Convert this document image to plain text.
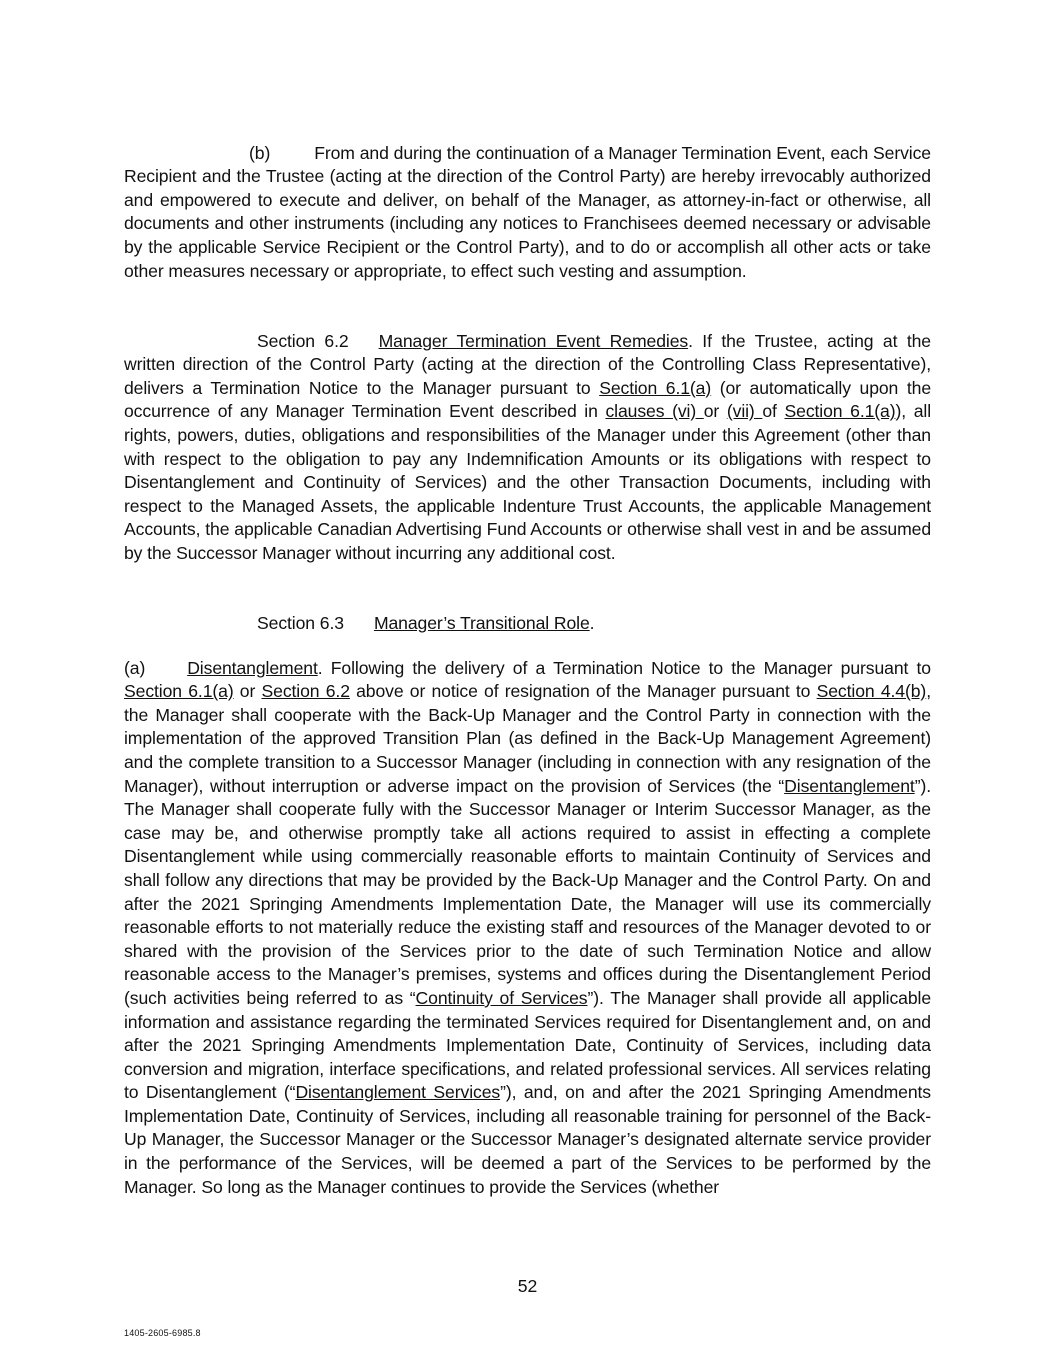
(b)	From and during the continuation of a Manager Termination Event, each Service Recipient and the Trustee (acting at the direction of the Control Party) are hereby irrevocably authorized and empowered to execute and deliver, on behalf of the Manager, as attorney-in-fact or otherwise, all documents and other instruments (including any notices to Franchisees deemed necessary or advisable by the applicable Service Recipient or the Control Party), and to do or accomplish all other acts or take other measures necessary or appropriate, to effect such vesting and assumption.

Section 6.2 Manager Termination Event Remedies. If the Trustee, acting at the written direction of the Control Party (acting at the direction of the Controlling Class Representative), delivers a Termination Notice to the Manager pursuant to Section 6.1(a) (or automatically upon the occurrence of any Manager Termination Event described in clauses (vi) or (vii) of Section 6.1(a)), all rights, powers, duties, obligations and responsibilities of the Manager under this Agreement (other than with respect to the obligation to pay any Indemnification Amounts or its obligations with respect to Disentanglement and Continuity of Services) and the other Transaction Documents, including with respect to the Managed Assets, the applicable Indenture Trust Accounts, the applicable Management Accounts, the applicable Canadian Advertising Fund Accounts or otherwise shall vest in and be assumed by the Successor Manager without incurring any additional cost.

Section 6.3 Manager’s Transitional Role.

(a) Disentanglement. Following the delivery of a Termination Notice to the Manager pursuant to Section 6.1(a) or Section 6.2 above or notice of resignation of the Manager pursuant to Section 4.4(b), the Manager shall cooperate with the Back-Up Manager and the Control Party in connection with the implementation of the approved Transition Plan (as defined in the Back-Up Management Agreement) and the complete transition to a Successor Manager (including in connection with any resignation of the Manager), without interruption or adverse impact on the provision of Services (the “Disentanglement”). The Manager shall cooperate fully with the Successor Manager or Interim Successor Manager, as the case may be, and otherwise promptly take all actions required to assist in effecting a complete Disentanglement while using commercially reasonable efforts to maintain Continuity of Services and shall follow any directions that may be provided by the Back-Up Manager and the Control Party. On and after the 2021 Springing Amendments Implementation Date, the Manager will use its commercially reasonable efforts to not materially reduce the existing staff and resources of the Manager devoted to or shared with the provision of the Services prior to the date of such Termination Notice and allow reasonable access to the Manager’s premises, systems and offices during the Disentanglement Period (such activities being referred to as “Continuity of Services”). The Manager shall provide all applicable information and assistance regarding the terminated Services required for Disentanglement and, on and after the 2021 Springing Amendments Implementation Date, Continuity of Services, including data conversion and migration, interface specifications, and related professional services. All services relating to Disentanglement (“Disentanglement Services”), and, on and after the 2021 Springing Amendments Implementation Date, Continuity of Services, including all reasonable training for personnel of the Back-Up Manager, the Successor Manager or the Successor Manager’s designated alternate service provider in the performance of the Services, will be deemed a part of the Services to be performed by the Manager. So long as the Manager continues to provide the Services (whether

52
1405-2605-6985.8
